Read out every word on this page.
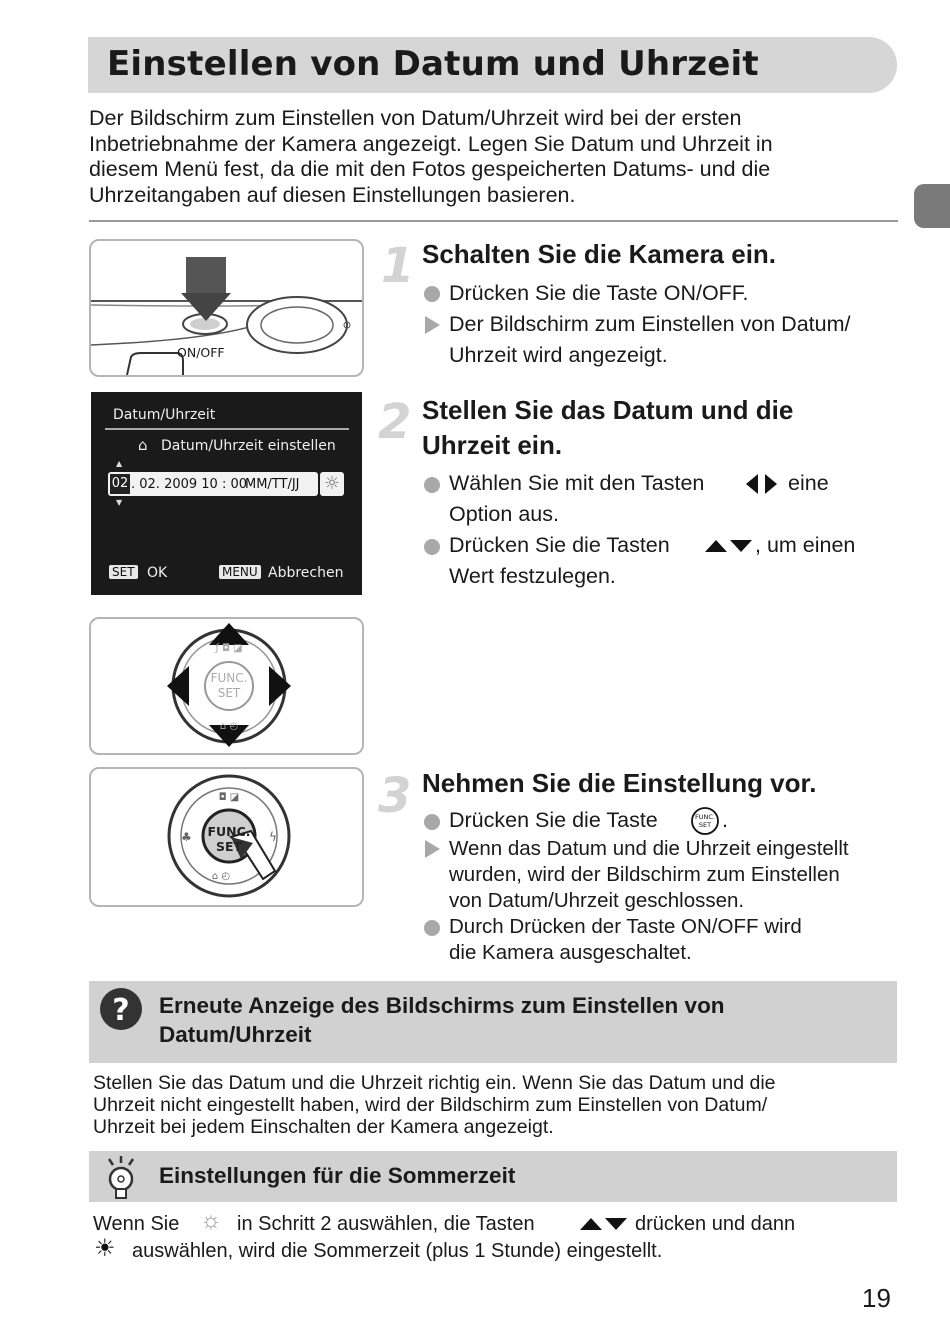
Einstellen von Datum und Uhrzeit
Der Bildschirm zum Einstellen von Datum/Uhrzeit wird bei der ersten
Inbetriebnahme der Kamera angezeigt. Legen Sie Datum und Uhrzeit in
diesem Menü fest, da die mit den Fotos gespeicherten Datums- und die
Uhrzeitangaben auf diesen Einstellungen basieren.
ON/OFF
Datum/Uhrzeit
⌂ Datum/Uhrzeit einstellen
▲
02 . 02. 2009 10 : 00
MM/TT/JJ ☼
▼
SET OK	MENU Abbrechen
ƒ ◘ ◪
⌂ ◴
FUNC.
SET
◘ ◪
♣	ϟ
⌂ ◴
FUNC.
SET
1 Schalten Sie die Kamera ein.
Drücken Sie die Taste ON/OFF.
Der Bildschirm zum Einstellen von Datum/
Uhrzeit wird angezeigt.
2 Stellen Sie das Datum und die
Uhrzeit ein.
Wählen Sie mit den Tasten	eine
Option aus.
Drücken Sie die Tasten	, um einen
Wert festzulegen.
3 Nehmen Sie die Einstellung vor.
Drücken Sie die Taste	FUNC.
SET .
Wenn das Datum und die Uhrzeit eingestellt
wurden, wird der Bildschirm zum Einstellen
von Datum/Uhrzeit geschlossen.
Durch Drücken der Taste ON/OFF wird
die Kamera ausgeschaltet.
? Erneute Anzeige des Bildschirms zum Einstellen von
Datum/Uhrzeit
Stellen Sie das Datum und die Uhrzeit richtig ein. Wenn Sie das Datum und die
Uhrzeit nicht eingestellt haben, wird der Bildschirm zum Einstellen von Datum/
Uhrzeit bei jedem Einschalten der Kamera angezeigt.
Einstellungen für die Sommerzeit
Wenn Sie ☼ in Schritt 2 auswählen, die Tasten	drücken und dann
☀ auswählen, wird die Sommerzeit (plus 1 Stunde) eingestellt.
19
